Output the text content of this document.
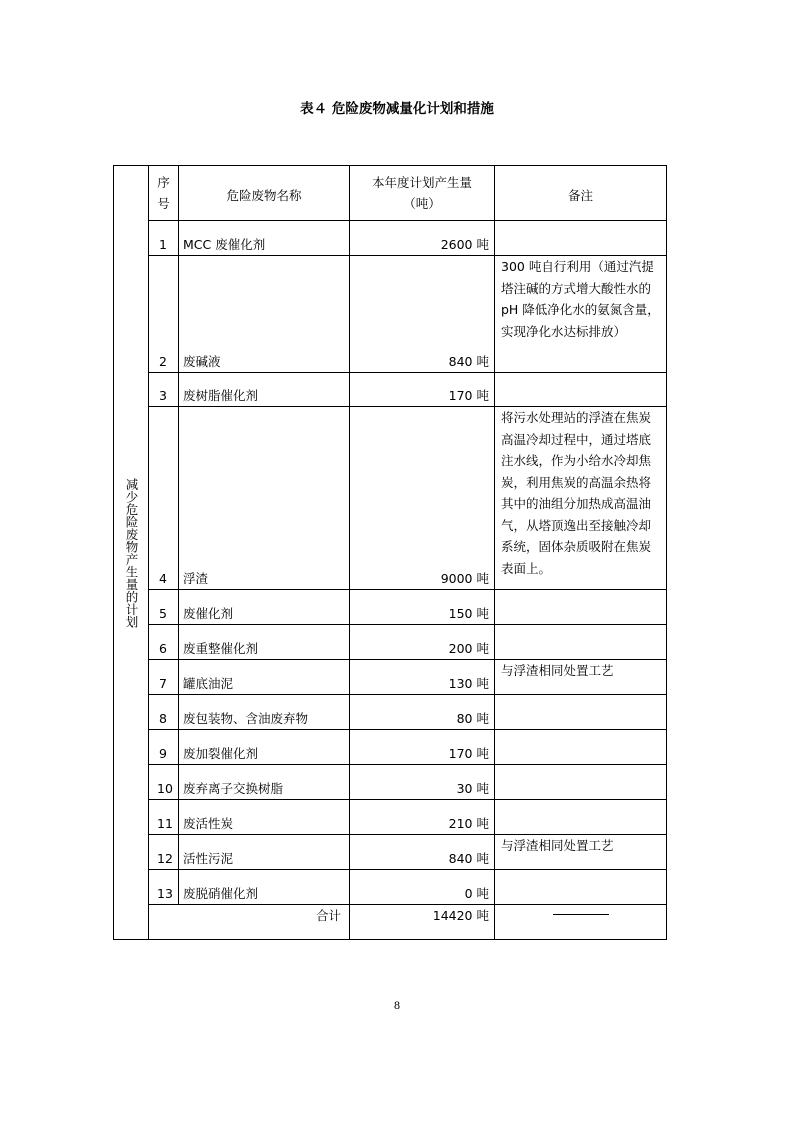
表４ 危险废物减量化计划和措施
减少危险废物产生量的计划	序号	危险废物名称	本年度计划产生量（吨）	备注
	1	MCC 废催化剂	2600 吨	
	2	废碱液	840 吨	300 吨自行利用（通过汽提塔注碱的方式增大酸性水的 pH 降低净化水的氨氮含量，实现净化水达标排放）
	3	废树脂催化剂	170 吨	
	4	浮渣	9000 吨	将污水处理站的浮渣在焦炭高温冷却过程中，通过塔底注水线，作为小给水冷却焦炭，利用焦炭的高温余热将其中的油组分加热成高温油气，从塔顶逸出至接触冷却系统，固体杂质吸附在焦炭表面上。
	5	废催化剂	150 吨	
	6	废重整催化剂	200 吨	
	7	罐底油泥	130 吨	与浮渣相同处置工艺
	8	废包装物、含油废弃物	80 吨	
	9	废加裂催化剂	170 吨	
	10	废弃离子交换树脂	30 吨	
	11	废活性炭	210 吨	
	12	活性污泥	840 吨	与浮渣相同处置工艺
	13	废脱硝催化剂	0 吨	
	合计		14420 吨	
8
